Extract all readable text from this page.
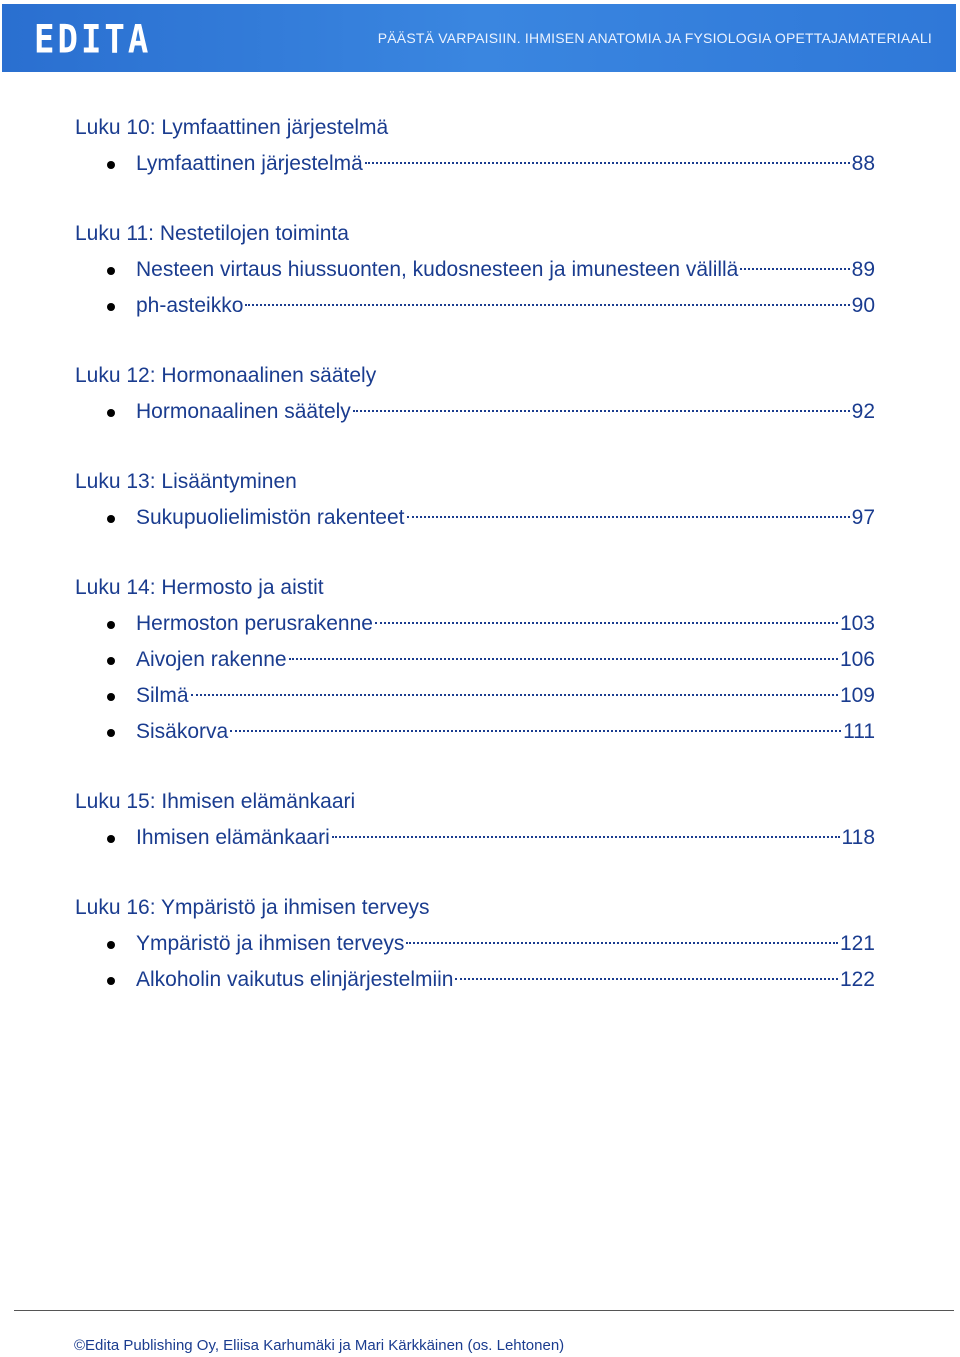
EDITA	PÄÄSTÄ VARPAISIIN. IHMISEN ANATOMIA JA FYSIOLOGIA OPETTAJAMATERIAALI
Luku 10: Lymfaattinen järjestelmä
Lymfaattinen järjestelmä	88
Luku 11: Nestetilojen toiminta
Nesteen virtaus hiussuonten, kudosnesteen ja imunesteen välillä	89
ph-asteikko	90
Luku 12: Hormonaalinen säätely
Hormonaalinen säätely	92
Luku 13: Lisääntyminen
Sukupuolielimistön rakenteet	97
Luku 14: Hermosto ja aistit
Hermoston perusrakenne	103
Aivojen rakenne	106
Silmä	109
Sisäkorva	111
Luku 15: Ihmisen elämänkaari
Ihmisen elämänkaari	118
Luku 16: Ympäristö ja ihmisen terveys
Ympäristö ja ihmisen terveys	121
Alkoholin vaikutus elinjärjestelmiin	122
©Edita Publishing Oy, Eliisa Karhumäki ja Mari Kärkkäinen (os. Lehtonen)
